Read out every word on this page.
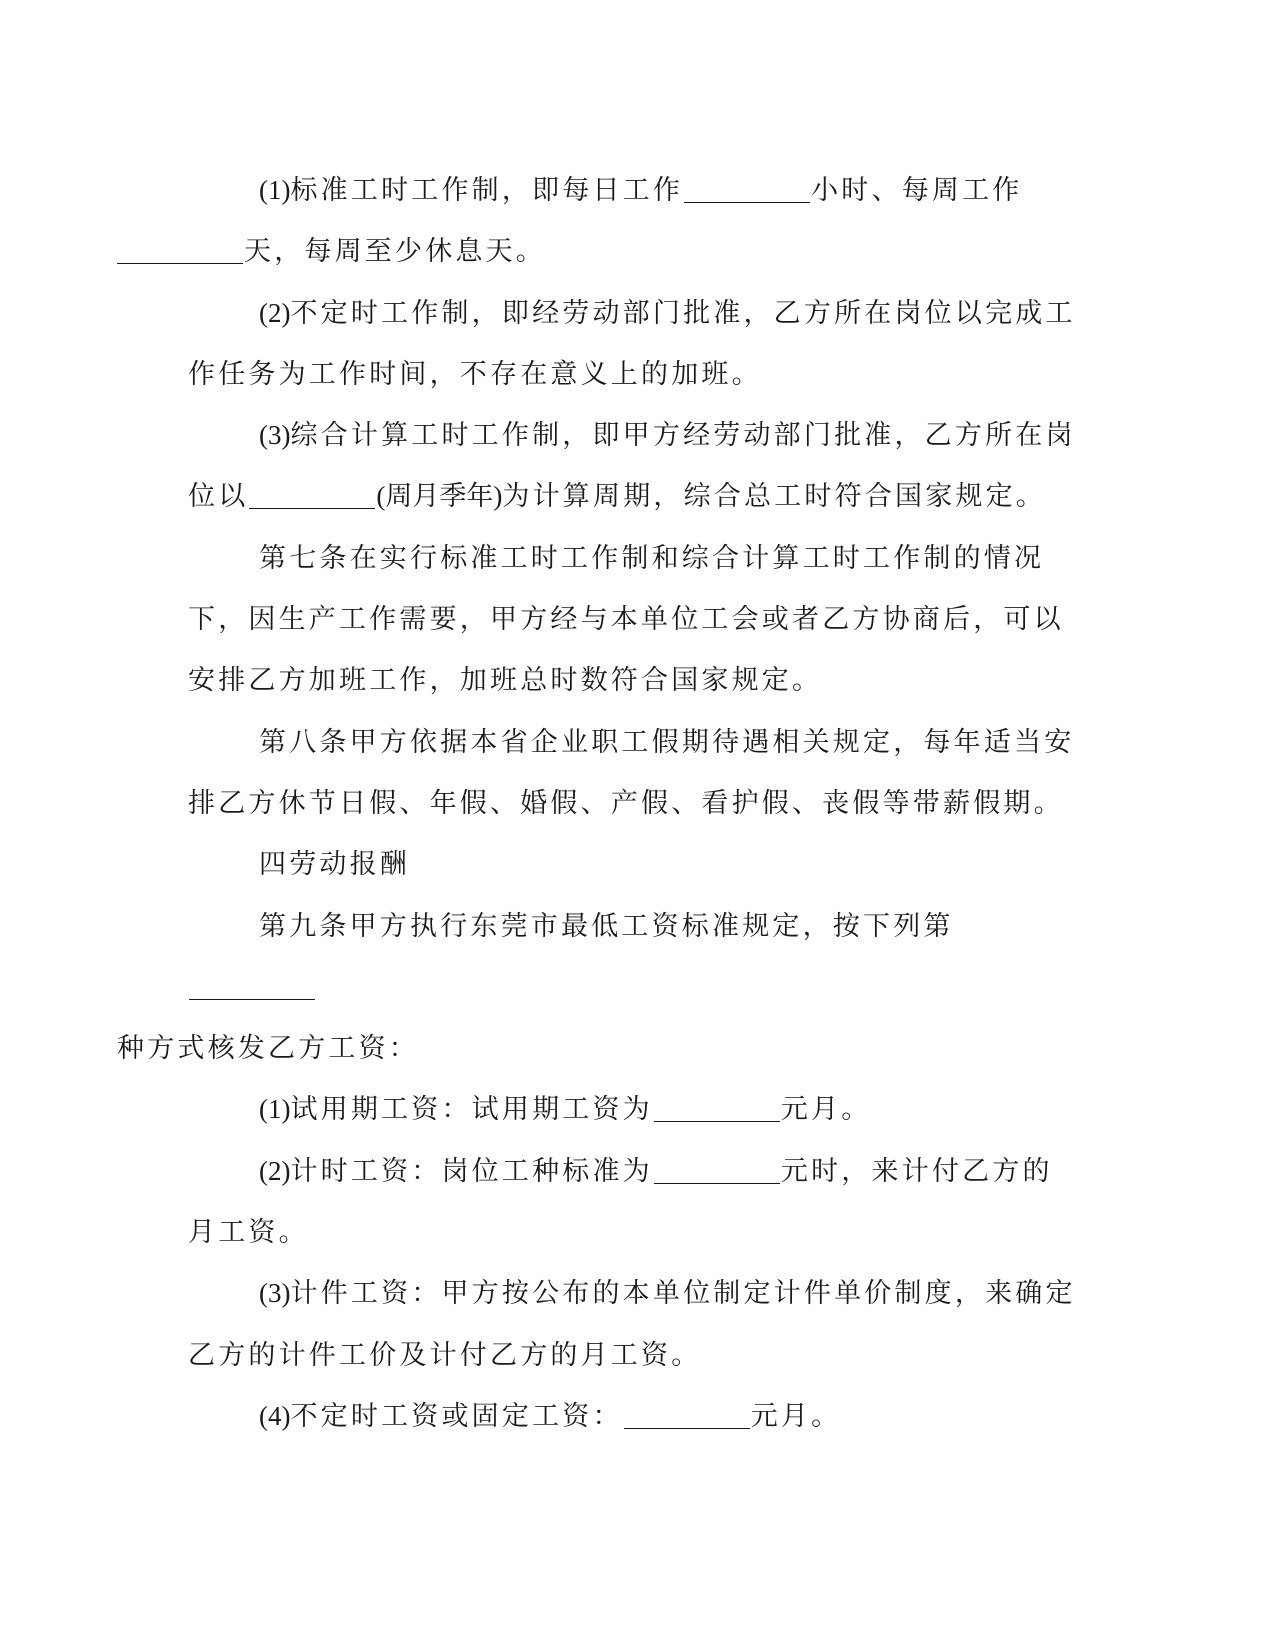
(1)标准工时工作制，即每日工作	小时、每周工作
天，每周至少休息天。

(2)不定时工作制，即经劳动部门批准，乙方所在岗位以完成工作任务为工作时间，不存在意义上的加班。

(3)综合计算工时工作制，即甲方经劳动部门批准，乙方所在岗位以	(周月季年)为计算周期，综合总工时符合国家规定。

第七条在实行标准工时工作制和综合计算工时工作制的情况下，因生产工作需要，甲方经与本单位工会或者乙方协商后，可以安排乙方加班工作，加班总时数符合国家规定。

第八条甲方依据本省企业职工假期待遇相关规定，每年适当安排乙方休节日假、年假、婚假、产假、看护假、丧假等带薪假期。

四劳动报酬

第九条甲方执行东莞市最低工资标准规定，按下列第
种方式核发乙方工资：

(1)试用期工资：试用期工资为	元月。

(2)计时工资：岗位工种标准为	元时，来计付乙方的月工资。

(3)计件工资：甲方按公布的本单位制定计件单价制度，来确定乙方的计件工价及计付乙方的月工资。

(4)不定时工资或固定工资：	元月。
